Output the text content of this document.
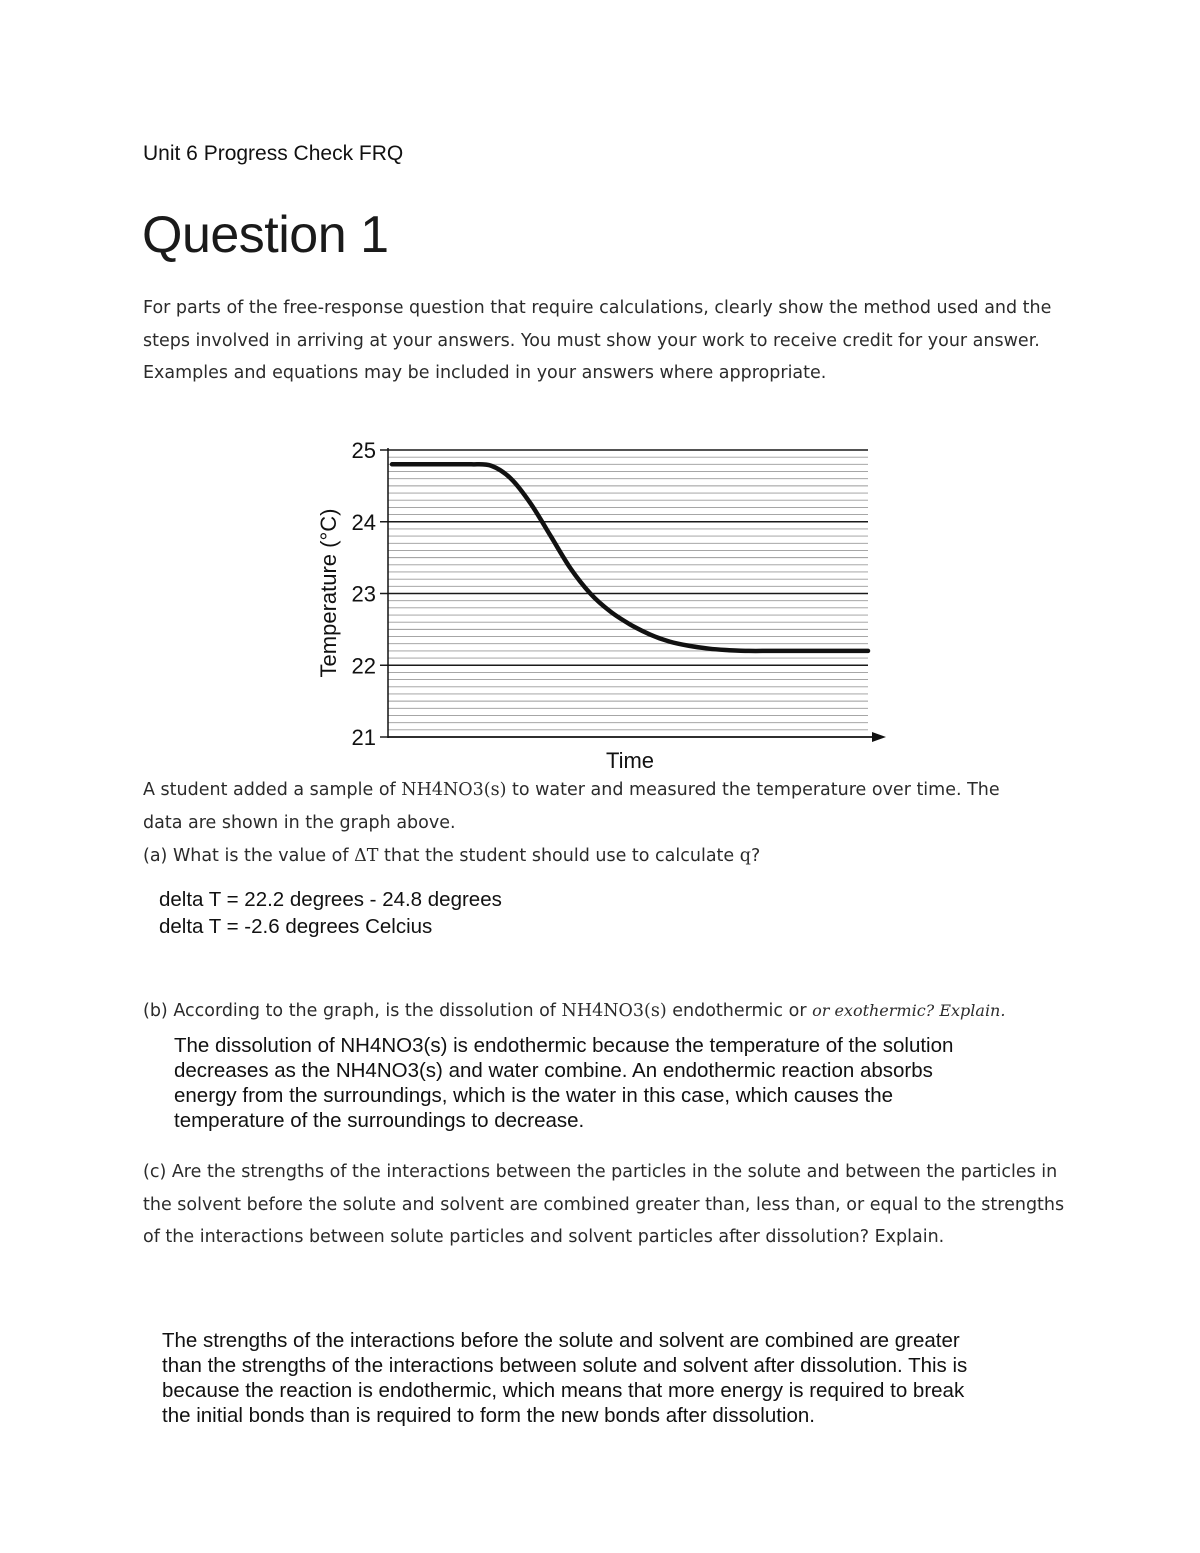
Unit 6 Progress Check FRQ
Question 1
For parts of the free-response question that require calculations, clearly show the method used and the steps involved in arriving at your answers. You must show your work to receive credit for your answer. Examples and equations may be included in your answers where appropriate.
25
24
23
22
21
Temperature (°C)
Time
A student added a sample of NH4NO3(s) to water and measured the temperature over time. The
data are shown in the graph above.
(a) What is the value of ΔT that the student should use to calculate q?
delta T = 22.2 degrees - 24.8 degrees
delta T = -2.6 degrees Celcius
(b) According to the graph, is the dissolution of NH4NO3(s) endothermic or or exothermic? Explain.
The dissolution of NH4NO3(s) is endothermic because the temperature of the solution
decreases as the NH4NO3(s) and water combine. An endothermic reaction absorbs
energy from the surroundings, which is the water in this case, which causes the
temperature of the surroundings to decrease.
(c) Are the strengths of the interactions between the particles in the solute and between the particles in the solvent before the solute and solvent are combined greater than, less than, or equal to the strengths of the interactions between solute particles and solvent particles after dissolution? Explain.
The strengths of the interactions before the solute and solvent are combined are greater
than the strengths of the interactions between solute and solvent after dissolution. This is
because the reaction is endothermic, which means that more energy is required to break
the initial bonds than is required to form the new bonds after dissolution.
